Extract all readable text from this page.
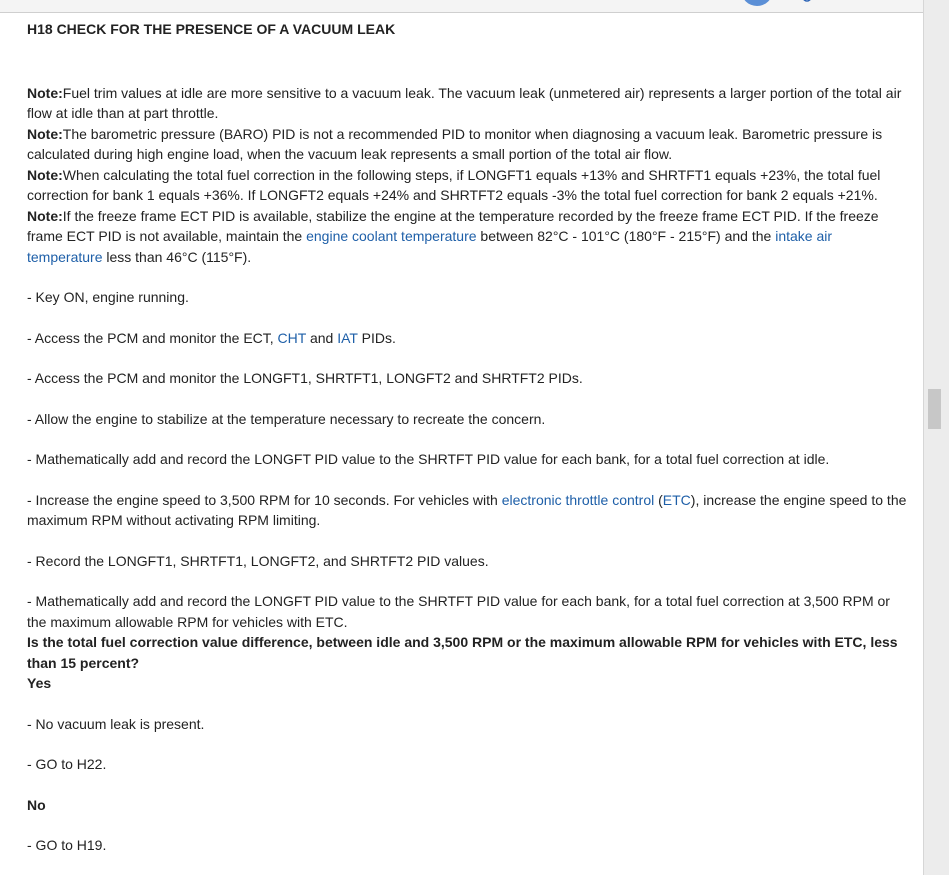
H18 CHECK FOR THE PRESENCE OF A VACUUM LEAK

Note:Fuel trim values at idle are more sensitive to a vacuum leak. The vacuum leak (unmetered air) represents a larger portion of the total air flow at idle than at part throttle.

Note:The barometric pressure (BARO) PID is not a recommended PID to monitor when diagnosing a vacuum leak. Barometric pressure is calculated during high engine load, when the vacuum leak represents a small portion of the total air flow.

Note:When calculating the total fuel correction in the following steps, if LONGFT1 equals +13% and SHRTFT1 equals +23%, the total fuel correction for bank 1 equals +36%. If LONGFT2 equals +24% and SHRTFT2 equals -3% the total fuel correction for bank 2 equals +21%.

Note:If the freeze frame ECT PID is available, stabilize the engine at the temperature recorded by the freeze frame ECT PID. If the freeze frame ECT PID is not available, maintain the engine coolant temperature between 82°C - 101°C (180°F - 215°F) and the intake air temperature less than 46°C (115°F).

- Key ON, engine running.

- Access the PCM and monitor the ECT, CHT and IAT PIDs.

- Access the PCM and monitor the LONGFT1, SHRTFT1, LONGFT2 and SHRTFT2 PIDs.

- Allow the engine to stabilize at the temperature necessary to recreate the concern.

- Mathematically add and record the LONGFT PID value to the SHRTFT PID value for each bank, for a total fuel correction at idle.

- Increase the engine speed to 3,500 RPM for 10 seconds. For vehicles with electronic throttle control (ETC), increase the engine speed to the maximum RPM without activating RPM limiting.

- Record the LONGFT1, SHRTFT1, LONGFT2, and SHRTFT2 PID values.

- Mathematically add and record the LONGFT PID value to the SHRTFT PID value for each bank, for a total fuel correction at 3,500 RPM or the maximum allowable RPM for vehicles with ETC.

Is the total fuel correction value difference, between idle and 3,500 RPM or the maximum allowable RPM for vehicles with ETC, less than 15 percent?

Yes

- No vacuum leak is present.

- GO to H22.

No

- GO to H19.
